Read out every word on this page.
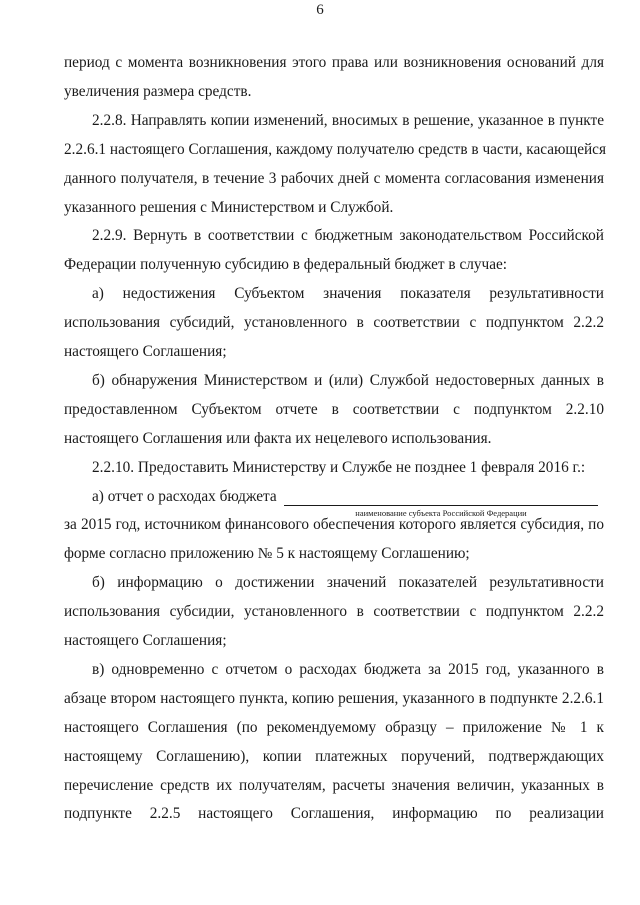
6
период с момента возникновения этого права или возникновения оснований для
увеличения размера средств.
2.2.8. Направлять копии изменений, вносимых в решение, указанное в пункте
2.2.6.1 настоящего Соглашения, каждому получателю средств в части, касающейся
данного получателя, в течение 3 рабочих дней с момента согласования изменения
указанного решения с Министерством и Службой.
2.2.9. Вернуть в соответствии с бюджетным законодательством Российской
Федерации полученную субсидию в федеральный бюджет в случае:
а) недостижения Субъектом значения показателя результативности
использования субсидий, установленного в соответствии с подпунктом 2.2.2
настоящего Соглашения;
б) обнаружения Министерством и (или) Службой недостоверных данных в
предоставленном Субъектом отчете в соответствии с подпунктом 2.2.10
настоящего Соглашения или факта их нецелевого использования.
2.2.10. Предоставить Министерству и Службе не позднее 1 февраля 2016 г.:
а) отчет о расходах бюджета
наименование субъекта Российской Федерации
за 2015 год, источником финансового обеспечения которого является субсидия, по
форме согласно приложению № 5 к настоящему Соглашению;
б) информацию о достижении значений показателей результативности
использования субсидии, установленного в соответствии с подпунктом 2.2.2
настоящего Соглашения;
в) одновременно с отчетом о расходах бюджета за 2015 год, указанного в
абзаце втором настоящего пункта, копию решения, указанного в подпункте 2.2.6.1
настоящего Соглашения (по рекомендуемому образцу – приложение № 1 к
настоящему Соглашению), копии платежных поручений, подтверждающих
перечисление средств их получателям, расчеты значения величин, указанных в
подпункте 2.2.5 настоящего Соглашения, информацию по реализации
